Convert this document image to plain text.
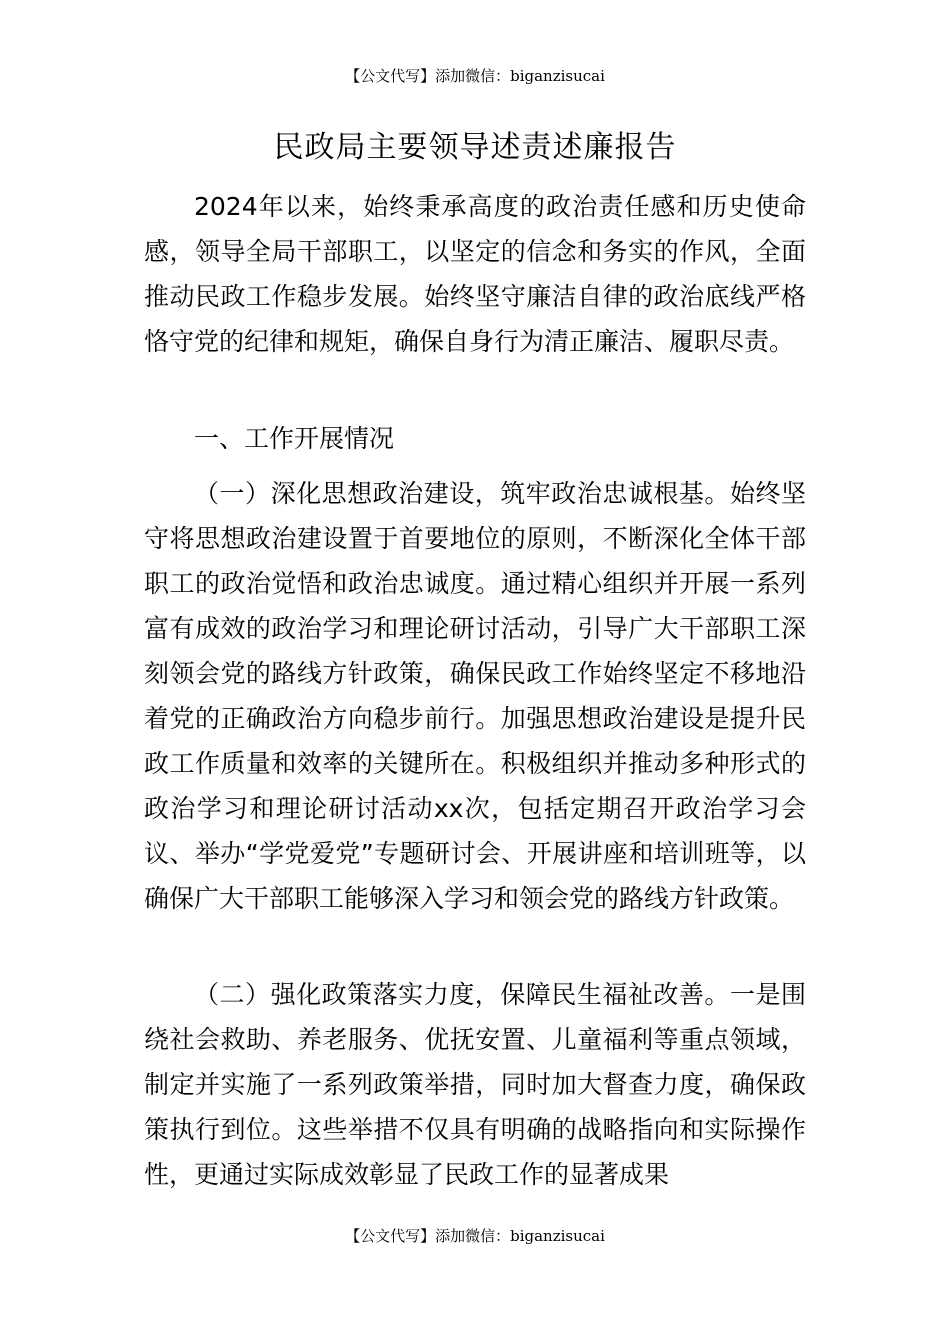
【公文代写】添加微信：biganzisucai
民政局主要领导述责述廉报告

2024年以来，始终秉承高度的政治责任感和历史使命感，领导全局干部职工，以坚定的信念和务实的作风，全面推动民政工作稳步发展。始终坚守廉洁自律的政治底线严格恪守党的纪律和规矩，确保自身行为清正廉洁、履职尽责。

一、工作开展情况

（一）深化思想政治建设，筑牢政治忠诚根基。始终坚守将思想政治建设置于首要地位的原则，不断深化全体干部职工的政治觉悟和政治忠诚度。通过精心组织并开展一系列富有成效的政治学习和理论研讨活动，引导广大干部职工深刻领会党的路线方针政策，确保民政工作始终坚定不移地沿着党的正确政治方向稳步前行。加强思想政治建设是提升民政工作质量和效率的关键所在。积极组织并推动多种形式的政治学习和理论研讨活动xx次，包括定期召开政治学习会议、举办“学党爱党”专题研讨会、开展讲座和培训班等，以确保广大干部职工能够深入学习和领会党的路线方针政策。

（二）强化政策落实力度，保障民生福祉改善。一是围绕社会救助、养老服务、优抚安置、儿童福利等重点领域，制定并实施了一系列政策举措，同时加大督查力度，确保政策执行到位。这些举措不仅具有明确的战略指向和实际操作性，更通过实际成效彰显了民政工作的显著成果

【公文代写】添加微信：biganzisucai
